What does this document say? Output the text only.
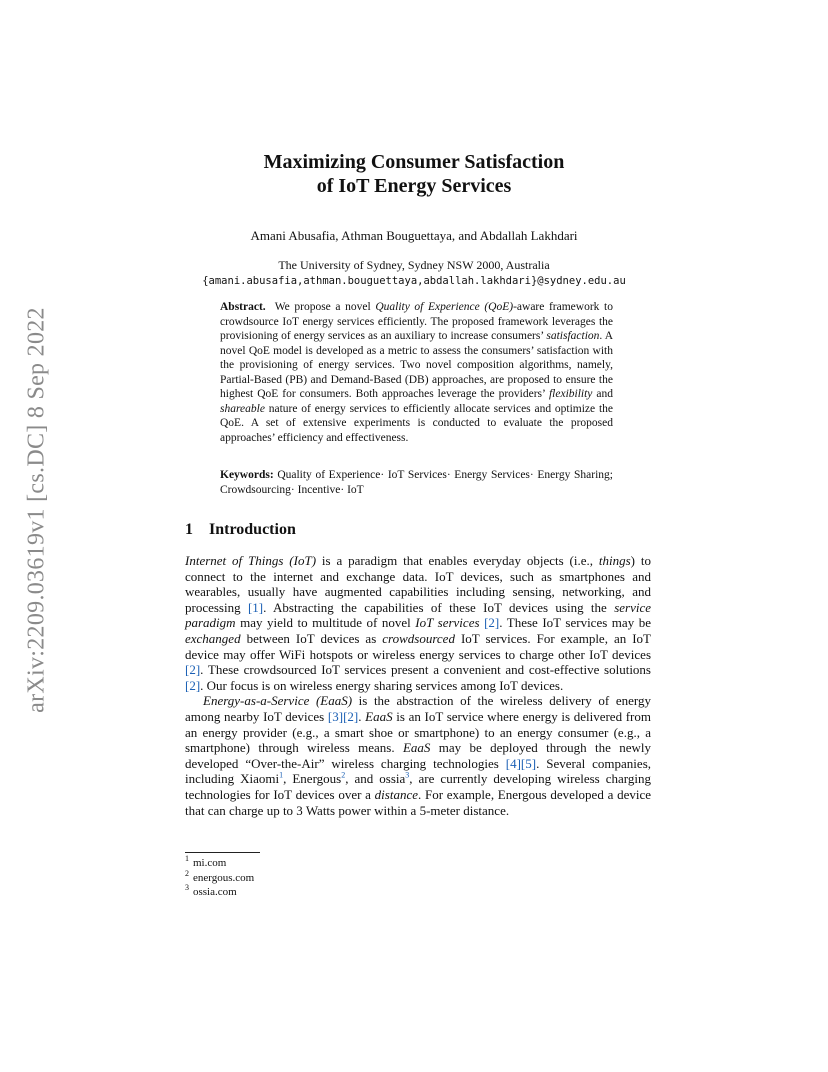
arXiv:2209.03619v1 [cs.DC] 8 Sep 2022
Maximizing Consumer Satisfaction
of IoT Energy Services
Amani Abusafia, Athman Bouguettaya, and Abdallah Lakhdari
The University of Sydney, Sydney NSW 2000, Australia
{amani.abusafia,athman.bouguettaya,abdallah.lakhdari}@sydney.edu.au
Abstract. We propose a novel Quality of Experience (QoE)-aware framework to crowdsource IoT energy services efficiently. The proposed framework leverages the provisioning of energy services as an auxiliary to increase consumers’ satisfaction. A novel QoE model is developed as a metric to assess the consumers’ satisfaction with the provisioning of energy services. Two novel composition algorithms, namely, Partial-Based (PB) and Demand-Based (DB) approaches, are proposed to ensure the highest QoE for consumers. Both approaches leverage the providers’ flexibility and shareable nature of energy services to efficiently allocate services and optimize the QoE. A set of extensive experiments is conducted to evaluate the proposed approaches’ efficiency and effectiveness.
Keywords: Quality of Experience· IoT Services· Energy Services· Energy Sharing; Crowdsourcing· Incentive· IoT
1 Introduction

Internet of Things (IoT) is a paradigm that enables everyday objects (i.e., things) to connect to the internet and exchange data. IoT devices, such as smartphones and wearables, usually have augmented capabilities including sensing, networking, and processing [1]. Abstracting the capabilities of these IoT devices using the service paradigm may yield to multitude of novel IoT services [2]. These IoT services may be exchanged between IoT devices as crowdsourced IoT services. For example, an IoT device may offer WiFi hotspots or wireless energy services to charge other IoT devices [2]. These crowdsourced IoT services present a convenient and cost-effective solutions [2]. Our focus is on wireless energy sharing services among IoT devices.

Energy-as-a-Service (EaaS) is the abstraction of the wireless delivery of energy among nearby IoT devices [3][2]. EaaS is an IoT service where energy is delivered from an energy provider (e.g., a smart shoe or smartphone) to an energy consumer (e.g., a smartphone) through wireless means. EaaS may be deployed through the newly developed “Over-the-Air” wireless charging technologies [4][5]. Several companies, including Xiaomi$^1$, Energous$^2$, and ossia$^3$, are currently developing wireless charging technologies for IoT devices over a distance. For example, Energous developed a device that can charge up to 3 Watts power within a 5-meter distance.

$^1$ mi.com
$^2$ energous.com
$^3$ ossia.com
